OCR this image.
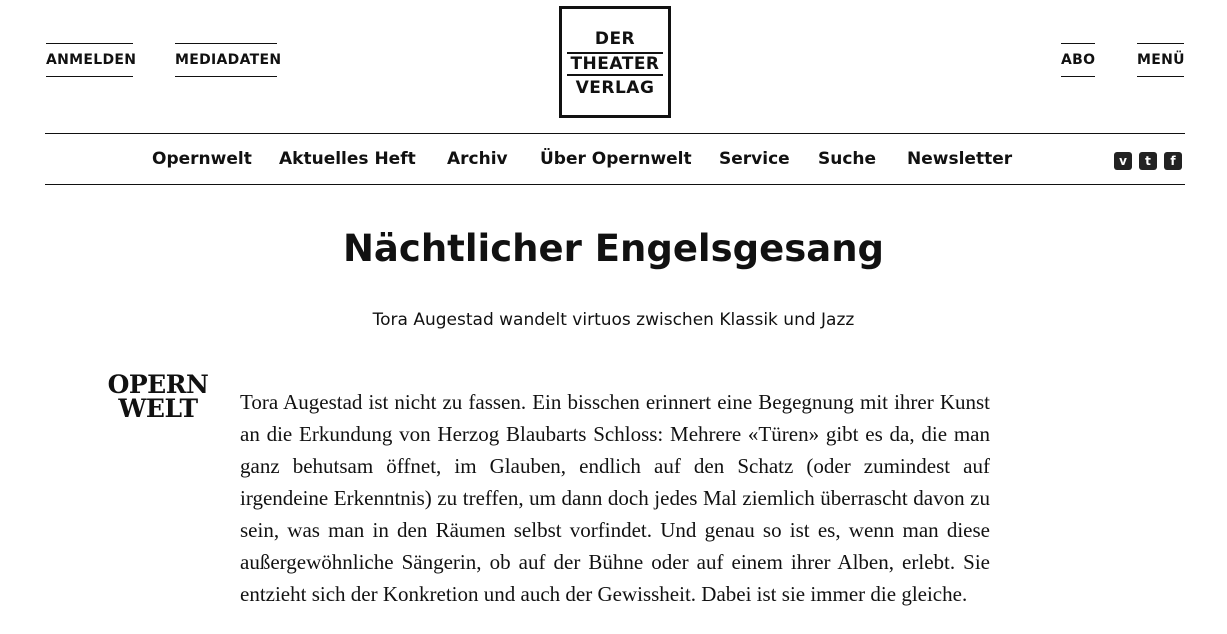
ANMELDEN	MEDIADATEN
DER
THEATER
VERLAG
ABO	MENÜ
Opernwelt Aktuelles Heft Archiv Über Opernwelt Service Suche Newsletter	v	t	f
Nächtlicher Engelsgesang

Tora Augestad wandelt virtuos zwischen Klassik und Jazz

OPERN
WELT	Tora Augestad ist nicht zu fassen. Ein bisschen erinnert eine Begegnung mit ihrer Kunst an die Erkundung von Herzog Blaubarts Schloss: Mehrere «Türen» gibt es da, die man ganz behutsam öffnet, im Glauben, endlich auf den Schatz (oder zumindest auf irgendeine Erkenntnis) zu treffen, um dann doch jedes Mal ziemlich überrascht davon zu sein, was man in den Räumen selbst vorfindet. Und genau so ist es, wenn man diese außergewöhnliche Sängerin, ob auf der Bühne oder auf einem ihrer Alben, erlebt. Sie entzieht sich der Konkretion und auch der Gewissheit. Dabei ist sie immer die gleiche.
